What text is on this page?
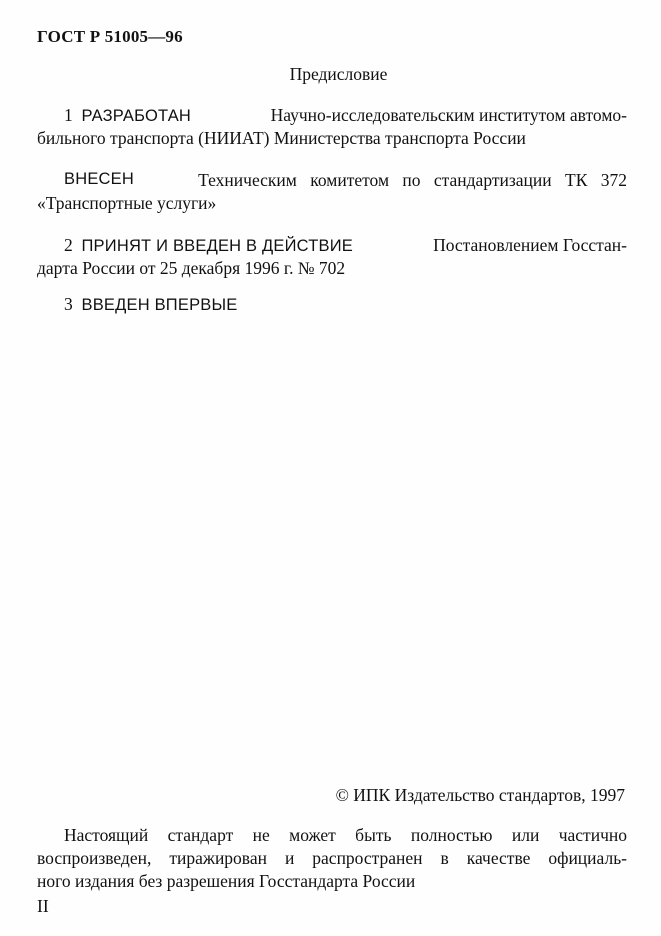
ГОСТ Р 51005—96
Предисловие
1 РАЗРАБОТАН	Научно-исследовательским институтом автомо-
бильного транспорта (НИИАТ) Министерства транспорта России
ВНЕСЕН	Техническим комитетом по стандартизации ТК 372
«Транспортные услуги»
2 ПРИНЯТ И ВВЕДЕН В ДЕЙСТВИЕ	Постановлением Госстан-
дарта России от 25 декабря 1996 г. № 702
3 ВВЕДЕН ВПЕРВЫЕ
© ИПК Издательство стандартов, 1997
Настоящий стандарт не может быть полностью или частично
воспроизведен, тиражирован и распространен в качестве официаль-
ного издания без разрешения Госстандарта России
II
